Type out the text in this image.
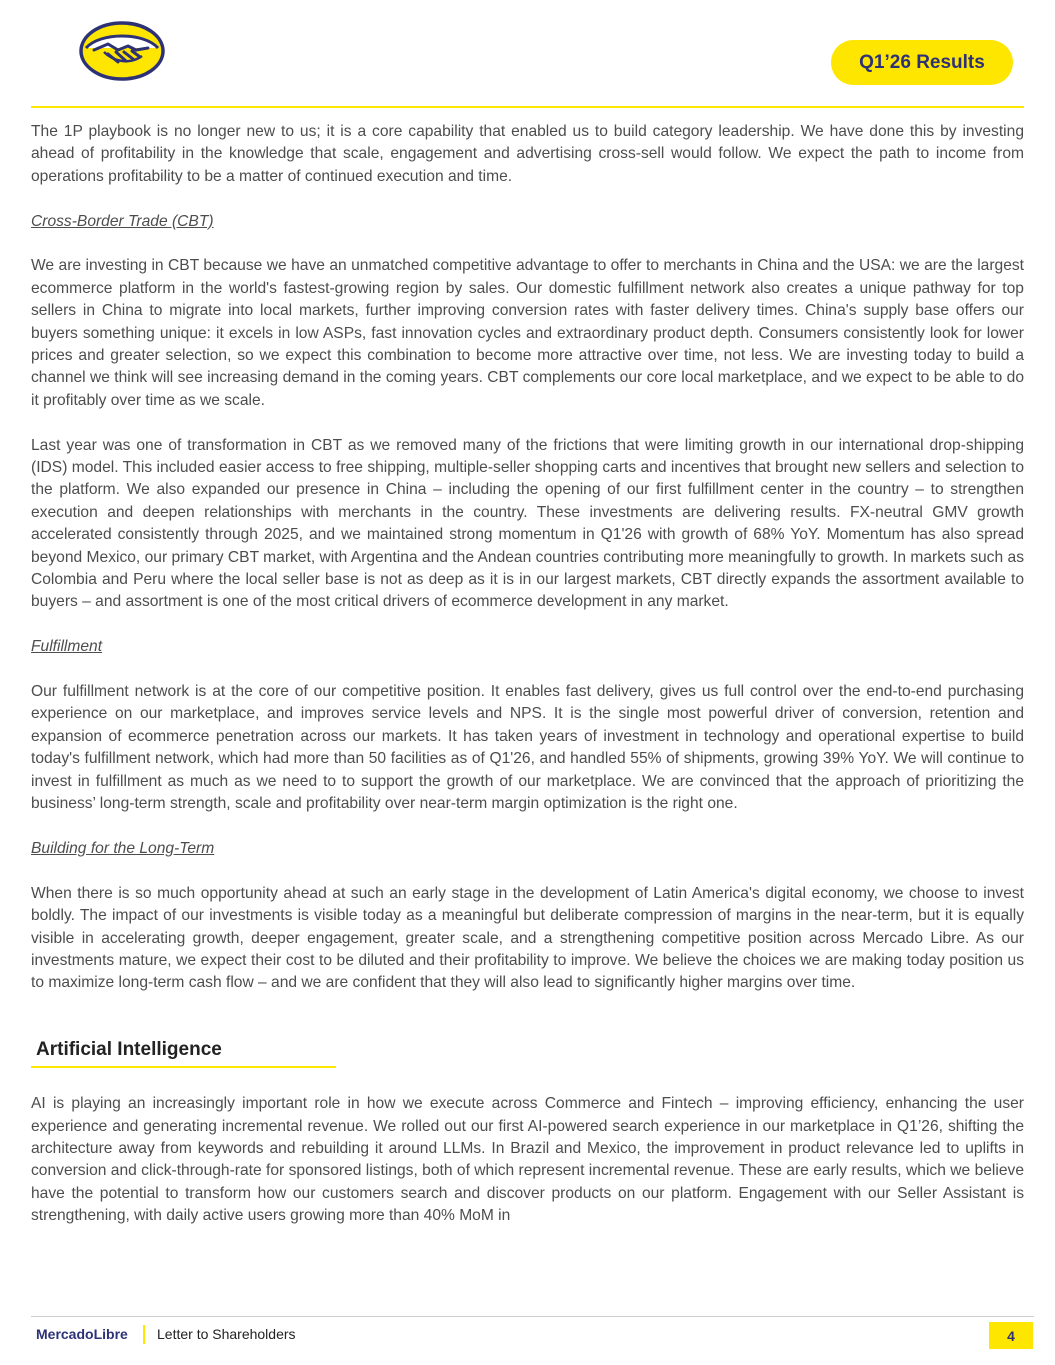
Q1’26 Results

The 1P playbook is no longer new to us; it is a core capability that enabled us to build category leadership. We have done this by investing ahead of profitability in the knowledge that scale, engagement and advertising cross-sell would follow. We expect the path to income from operations profitability to be a matter of continued execution and time.

Cross-Border Trade (CBT)

We are investing in CBT because we have an unmatched competitive advantage to offer to merchants in China and the USA: we are the largest ecommerce platform in the world's fastest-growing region by sales. Our domestic fulfillment network also creates a unique pathway for top sellers in China to migrate into local markets, further improving conversion rates with faster delivery times. China's supply base offers our buyers something unique: it excels in low ASPs, fast innovation cycles and extraordinary product depth. Consumers consistently look for lower prices and greater selection, so we expect this combination to become more attractive over time, not less. We are investing today to build a channel we think will see increasing demand in the coming years. CBT complements our core local marketplace, and we expect to be able to do it profitably over time as we scale.

Last year was one of transformation in CBT as we removed many of the frictions that were limiting growth in our international drop-shipping (IDS) model. This included easier access to free shipping, multiple-seller shopping carts and incentives that brought new sellers and selection to the platform. We also expanded our presence in China – including the opening of our first fulfillment center in the country – to strengthen execution and deepen relationships with merchants in the country. These investments are delivering results. FX-neutral GMV growth accelerated consistently through 2025, and we maintained strong momentum in Q1'26 with growth of 68% YoY. Momentum has also spread beyond Mexico, our primary CBT market, with Argentina and the Andean countries contributing more meaningfully to growth. In markets such as Colombia and Peru where the local seller base is not as deep as it is in our largest markets, CBT directly expands the assortment available to buyers – and assortment is one of the most critical drivers of ecommerce development in any market.

Fulfillment

Our fulfillment network is at the core of our competitive position. It enables fast delivery, gives us full control over the end-to-end purchasing experience on our marketplace, and improves service levels and NPS. It is the single most powerful driver of conversion, retention and expansion of ecommerce penetration across our markets. It has taken years of investment in technology and operational expertise to build today's fulfillment network, which had more than 50 facilities as of Q1'26, and handled 55% of shipments, growing 39% YoY. We will continue to invest in fulfillment as much as we need to to support the growth of our marketplace. We are convinced that the approach of prioritizing the business’ long-term strength, scale and profitability over near-term margin optimization is the right one.

Building for the Long-Term

When there is so much opportunity ahead at such an early stage in the development of Latin America's digital economy, we choose to invest boldly. The impact of our investments is visible today as a meaningful but deliberate compression of margins in the near-term, but it is equally visible in accelerating growth, deeper engagement, greater scale, and a strengthening competitive position across Mercado Libre. As our investments mature, we expect their cost to be diluted and their profitability to improve. We believe the choices we are making today position us to maximize long-term cash flow – and we are confident that they will also lead to significantly higher margins over time.

Artificial Intelligence

AI is playing an increasingly important role in how we execute across Commerce and Fintech – improving efficiency, enhancing the user experience and generating incremental revenue. We rolled out our first AI-powered search experience in our marketplace in Q1’26, shifting the architecture away from keywords and rebuilding it around LLMs. In Brazil and Mexico, the improvement in product relevance led to uplifts in conversion and click-through-rate for sponsored listings, both of which represent incremental revenue. These are early results, which we believe have the potential to transform how our customers search and discover products on our platform. Engagement with our Seller Assistant is strengthening, with daily active users growing more than 40% MoM in

MercadoLibre Letter to Shareholders	4
